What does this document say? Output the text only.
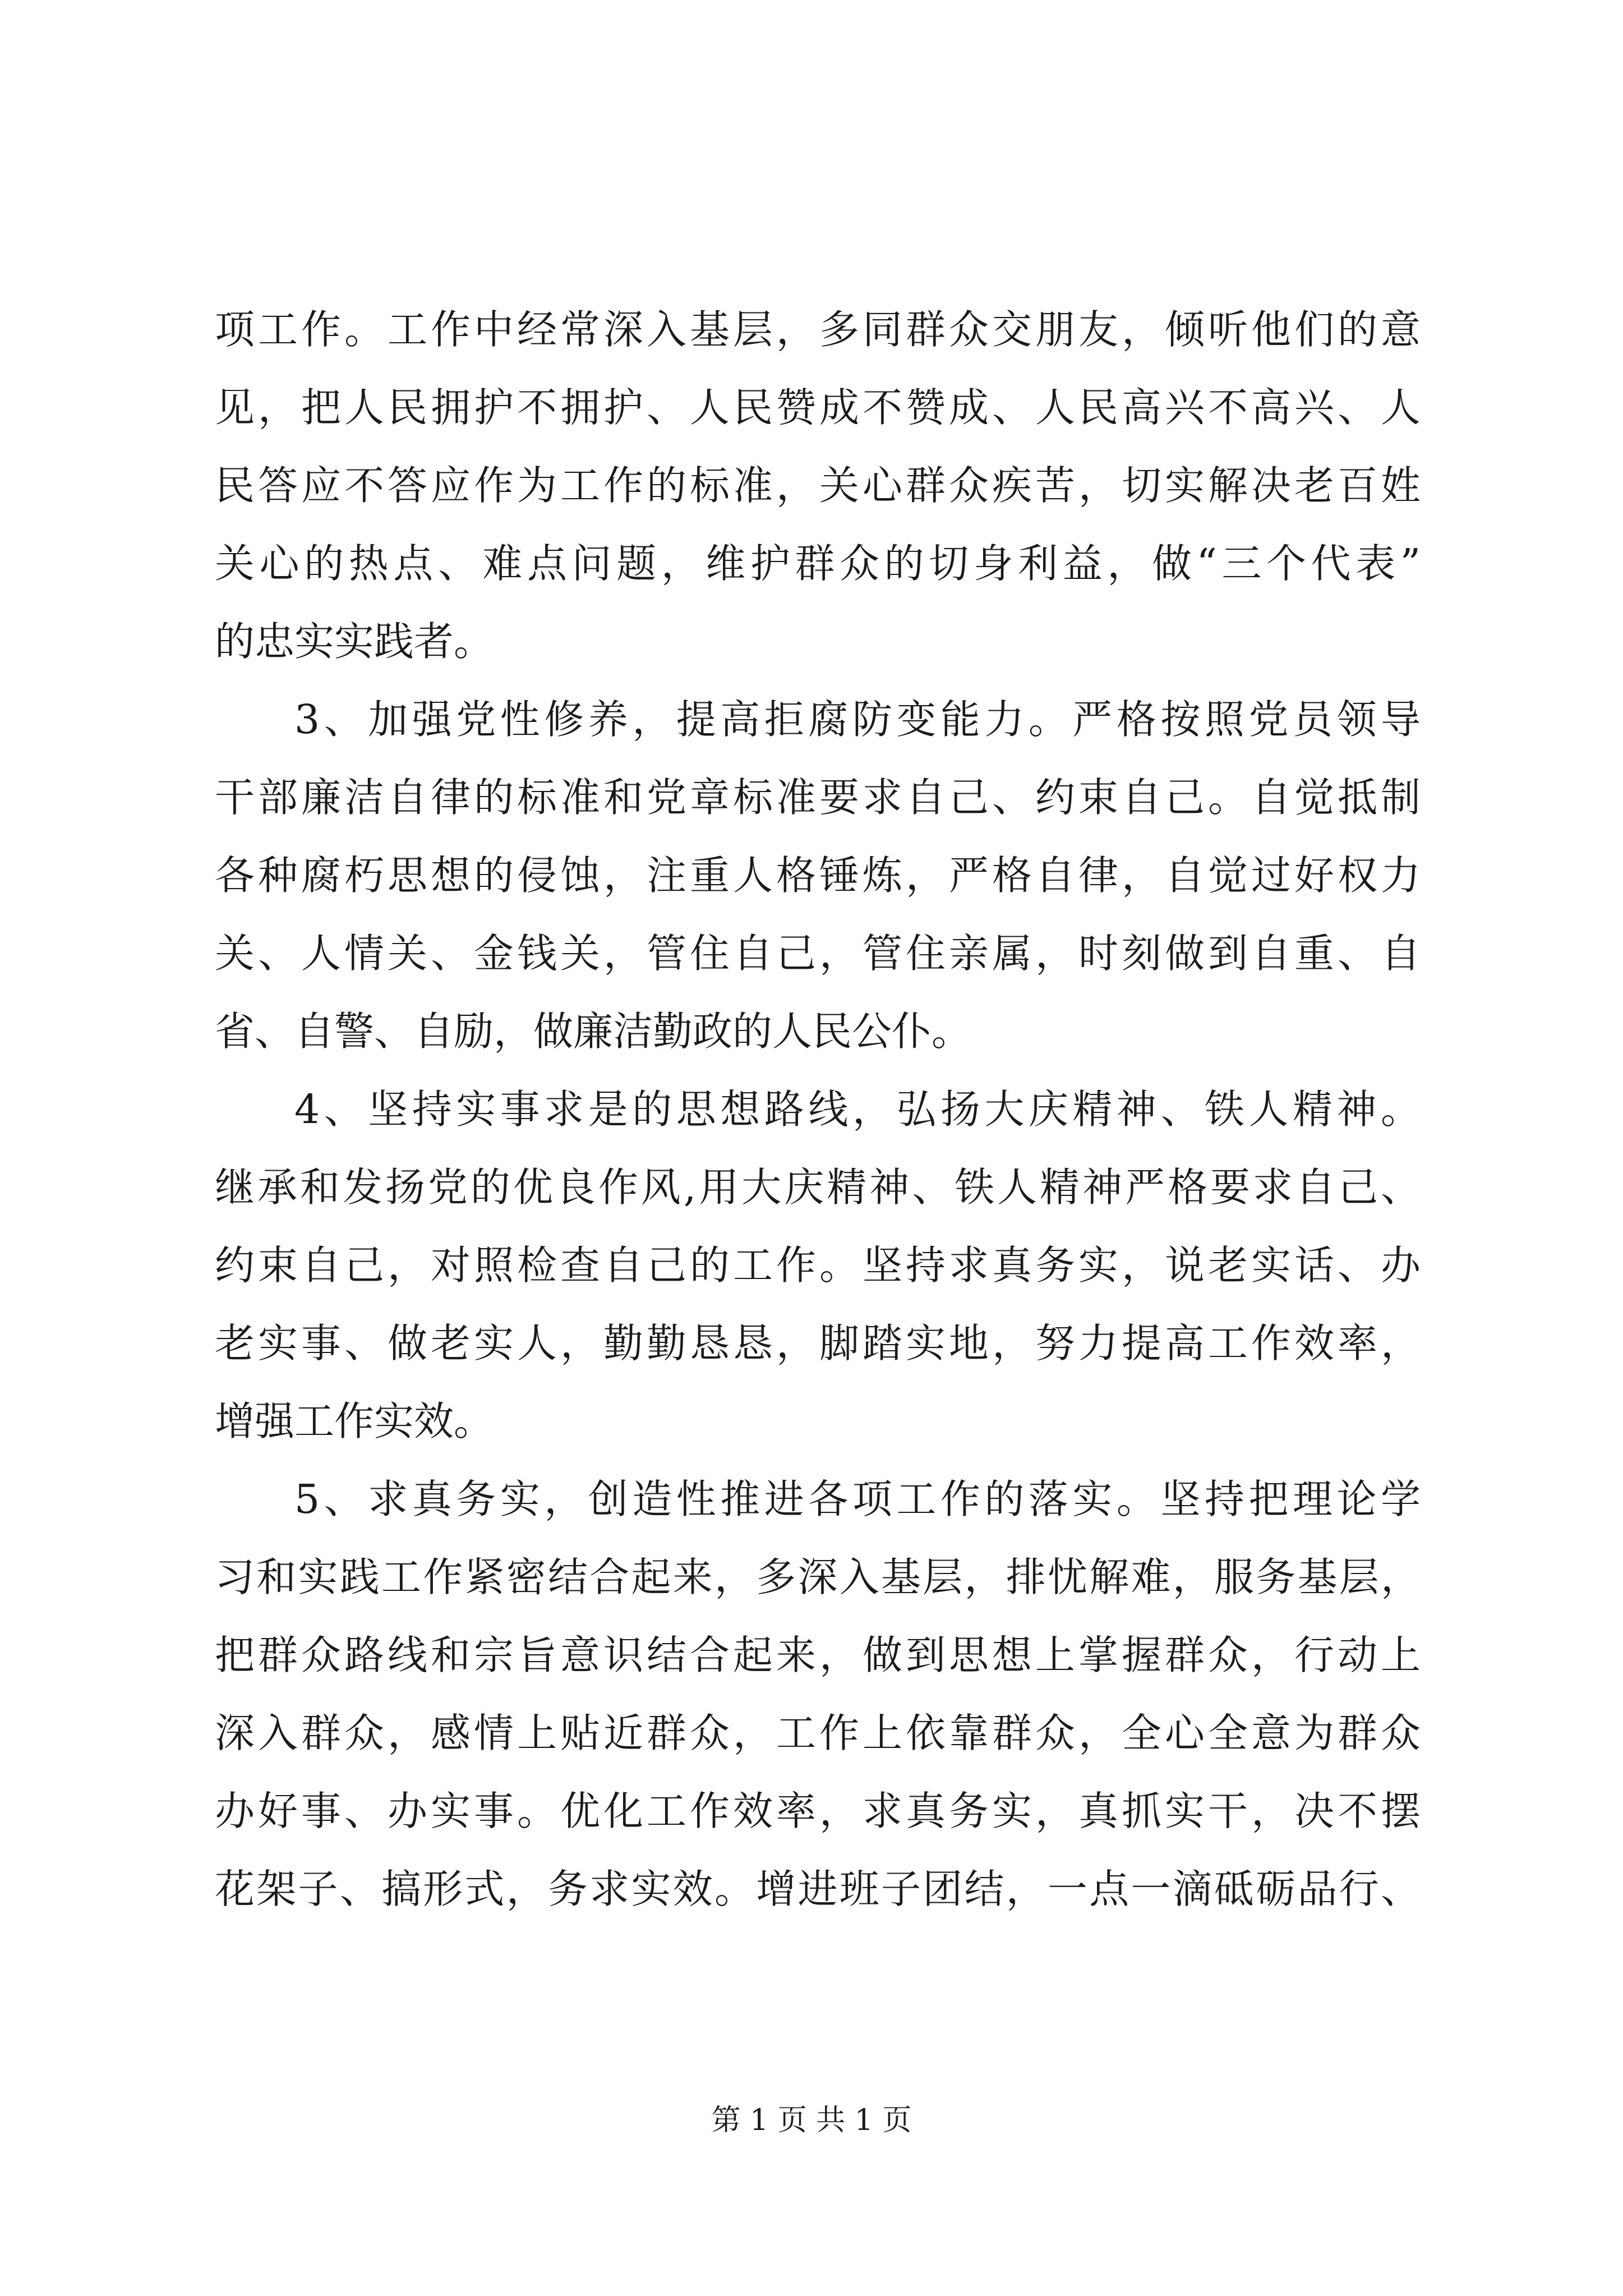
项工作。工作中经常深入基层，多同群众交朋友，倾听他们的意
见，把人民拥护不拥护、人民赞成不赞成、人民高兴不高兴、人
民答应不答应作为工作的标准，关心群众疾苦，切实解决老百姓
关心的热点、难点问题，维护群众的切身利益，做“三个代表”
的忠实实践者。
3、加强党性修养，提高拒腐防变能力。严格按照党员领导
干部廉洁自律的标准和党章标准要求自己、约束自己。自觉抵制
各种腐朽思想的侵蚀，注重人格锤炼，严格自律，自觉过好权力
关、人情关、金钱关，管住自己，管住亲属，时刻做到自重、自
省、自警、自励，做廉洁勤政的人民公仆。
4、坚持实事求是的思想路线，弘扬大庆精神、铁人精神。
继承和发扬党的优良作风,用大庆精神、铁人精神严格要求自己、
约束自己，对照检查自己的工作。坚持求真务实，说老实话、办
老实事、做老实人，勤勤恳恳，脚踏实地，努力提高工作效率，
增强工作实效。
5、求真务实，创造性推进各项工作的落实。坚持把理论学
习和实践工作紧密结合起来，多深入基层，排忧解难，服务基层，
把群众路线和宗旨意识结合起来，做到思想上掌握群众，行动上
深入群众，感情上贴近群众，工作上依靠群众，全心全意为群众
办好事、办实事。优化工作效率，求真务实，真抓实干，决不摆
花架子、搞形式，务求实效。增进班子团结，一点一滴砥砺品行、
第 1 页 共 1 页
